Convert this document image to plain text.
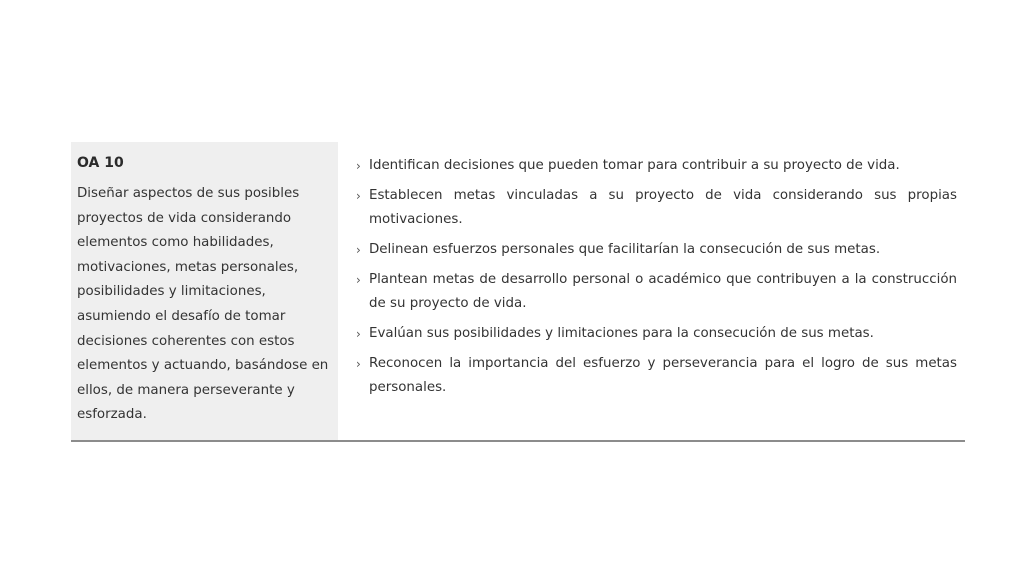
OA 10

Diseñar aspectos de sus posibles proyectos de vida considerando elementos como habilidades, motivaciones, metas personales, posibilidades y limitaciones, asumiendo el desafío de tomar decisiones coherentes con estos elementos y actuando, basándose en ellos, de manera perseverante y esforzada.

› Identifican decisiones que pueden tomar para contribuir a su proyecto de vida.
› Establecen metas vinculadas a su proyecto de vida considerando sus propias motivaciones.
› Delinean esfuerzos personales que facilitarían la consecución de sus metas.
› Plantean metas de desarrollo personal o académico que contribuyen a la construcción de su proyecto de vida.
› Evalúan sus posibilidades y limitaciones para la consecución de sus metas.
› Reconocen la importancia del esfuerzo y perseverancia para el logro de sus metas personales.
